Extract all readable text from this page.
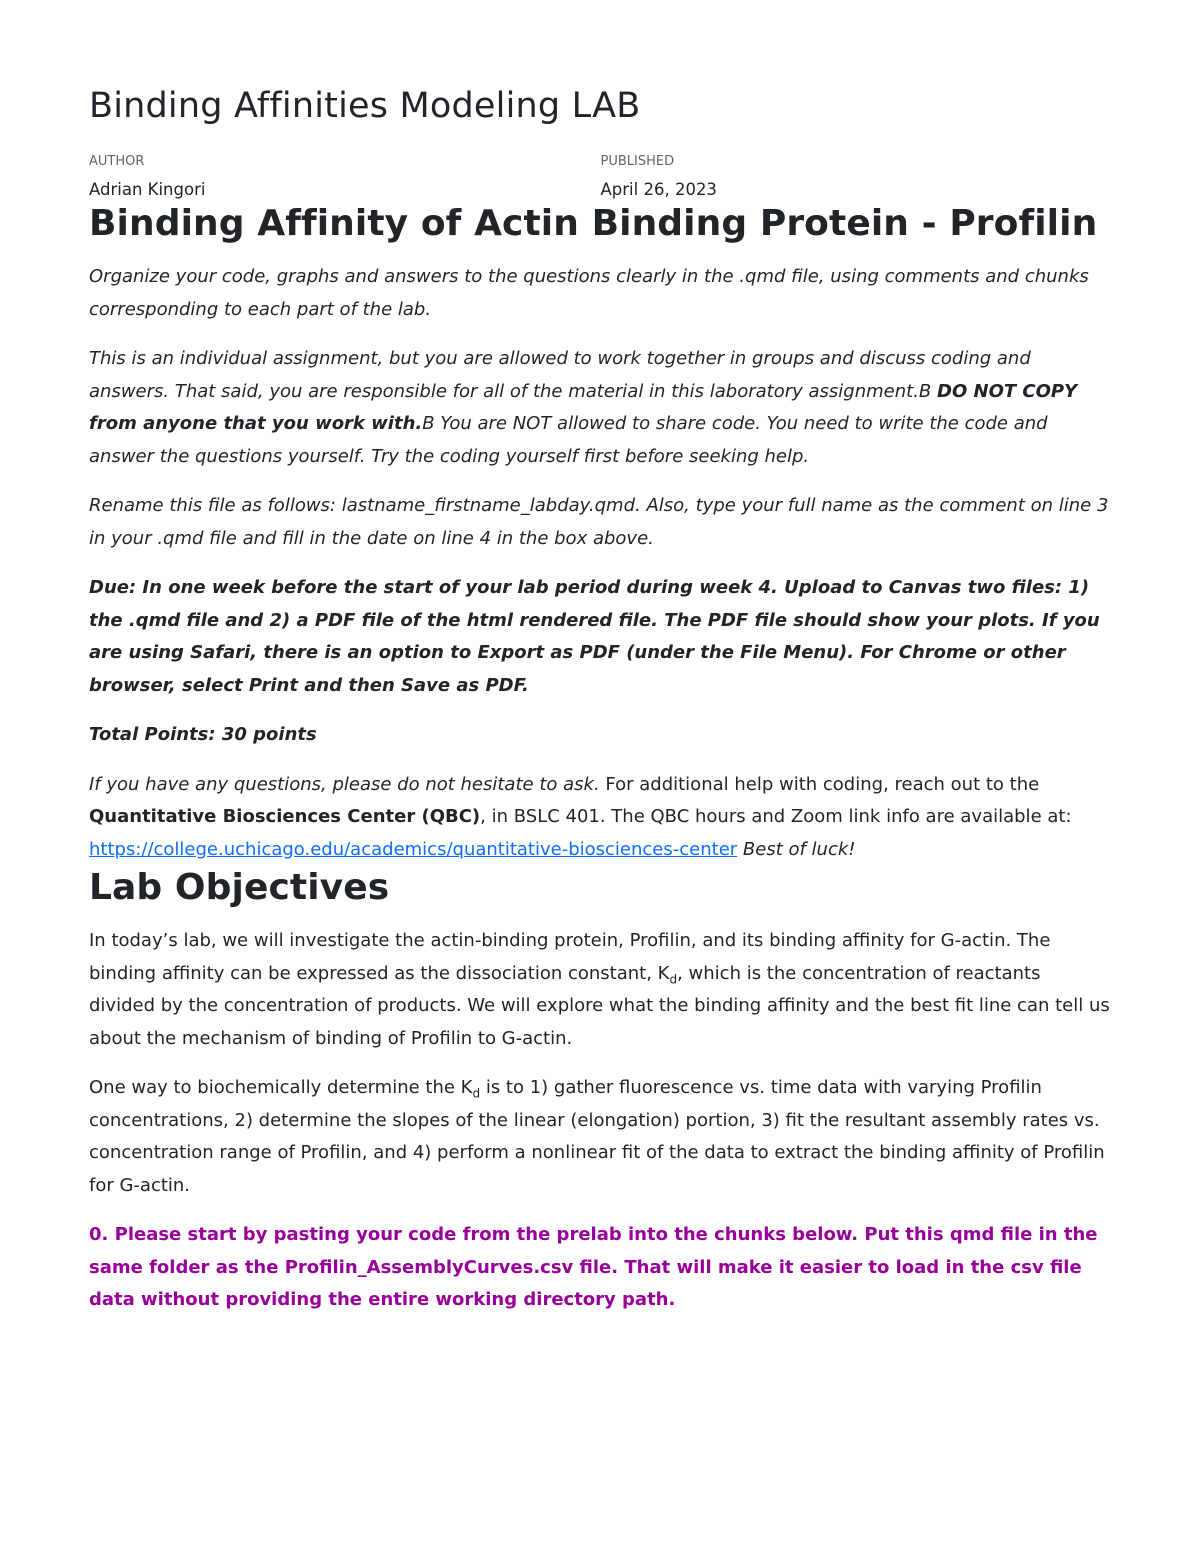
Binding Affinities Modeling LAB
AUTHOR
Adrian Kingori
PUBLISHED
April 26, 2023
Binding Affinity of Actin Binding Protein - Profilin

Organize your code, graphs and answers to the questions clearly in the .qmd file, using comments and chunks corresponding to each part of the lab.

This is an individual assignment, but you are allowed to work together in groups and discuss coding and answers. That said, you are responsible for all of the material in this laboratory assignment.В DO NOT COPY from anyone that you work with.В You are NOT allowed to share code. You need to write the code and answer the questions yourself. Try the coding yourself first before seeking help.

Rename this file as follows: lastname_firstname_labday.qmd. Also, type your full name as the comment on line 3 in your .qmd file and fill in the date on line 4 in the box above.

Due: In one week before the start of your lab period during week 4. Upload to Canvas two files: 1) the .qmd file and 2) a PDF file of the html rendered file. The PDF file should show your plots. If you are using Safari, there is an option to Export as PDF (under the File Menu). For Chrome or other browser, select Print and then Save as PDF.

Total Points: 30 points

If you have any questions, please do not hesitate to ask. For additional help with coding, reach out to the Quantitative Biosciences Center (QBC), in BSLC 401. The QBC hours and Zoom link info are available at: https://college.uchicago.edu/academics/quantitative-biosciences-center Best of luck!

Lab Objectives

In today’s lab, we will investigate the actin-binding protein, Profilin, and its binding affinity for G-actin. The binding affinity can be expressed as the dissociation constant, $K_d$, which is the concentration of reactants divided by the concentration of products. We will explore what the binding affinity and the best fit line can tell us about the mechanism of binding of Profilin to G-actin.

One way to biochemically determine the $K_d$ is to 1) gather fluorescence vs. time data with varying Profilin concentrations, 2) determine the slopes of the linear (elongation) portion, 3) fit the resultant assembly rates vs. concentration range of Profilin, and 4) perform a nonlinear fit of the data to extract the binding affinity of Profilin for G-actin.

0. Please start by pasting your code from the prelab into the chunks below. Put this qmd file in the same folder as the Profilin_AssemblyCurves.csv file. That will make it easier to load in the csv file data without providing the entire working directory path.
